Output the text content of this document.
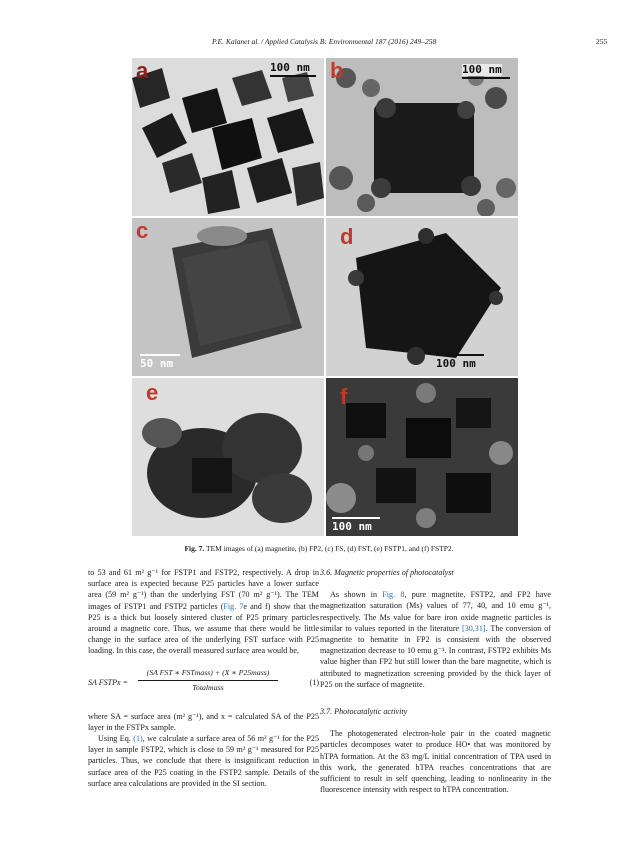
P.E. Kalanet al. / Applied Catalysis B: Environmental 187 (2016) 249–258	255
a	100 nm b	100 nm
c
50 nm
d
100 nm
e	f
100 nm
Fig. 7. TEM images of (a) magnetite, (b) FP2, (c) FS, (d) FST, (e) FSTP1, and (f) FSTP2.

to 53 and 61 m² g⁻¹ for FSTP1 and FSTP2, respectively. A drop in surface area is expected because P25 particles have a lower surface area (59 m² g⁻¹) than the underlying FST (70 m² g⁻¹). The TEM images of FSTP1 and FSTP2 particles (Fig. 7e and f) show that the P25 is a thick but loosely sintered cluster of P25 primary particles around a magnetic core. Thus, we assume that there would be little change in the surface area of the underlying FST surface with P25 loading. In this case, the overall measured surface area would be,

SA FSTPx =
(SA FST ∗ FSTmass) + (X ∗ P25mass)
Totalmass
(1)

where SA = surface area (m² g⁻¹), and x = calculated SA of the P25 layer in the FSTPx sample.

Using Eq. (1), we calculate a surface area of 56 m² g⁻¹ for the P25 layer in sample FSTP2, which is close to 59 m² g⁻¹ measured for P25 particles. Thus, we conclude that there is insignificant reduction in surface area of the P25 coating in the FSTP2 sample. Details of the surface area calculations are provided in the SI section.

3.6. Magnetic properties of photocatalyst

As shown in Fig. 8, pure magnetite, FSTP2, and FP2 have magnetization saturation (Ms) values of 77, 40, and 10 emu g⁻¹, respectively. The Ms value for bare iron oxide magnetic particles is similar to values reported in the literature [30,31]. The conversion of magnetite to hematite in FP2 is consistent with the observed magnetization decrease to 10 emu g⁻¹. In contrast, FSTP2 exhibits Ms value higher than FP2 but still lower than the bare magnetite, which is attributed to magnetization screening provided by the thick layer of P25 on the surface of magnetite.

3.7. Photocatalytic activity

The photogenerated electron-hole pair in the coated magnetic particles decomposes water to produce HO• that was monitored by hTPA formation. At the 83 mg/L initial concentration of TPA used in this work, the generated hTPA reaches concentrations that are sufficient to result in self quenching, leading to nonlinearity in the fluorescence intensity with respect to hTPA concentration.
